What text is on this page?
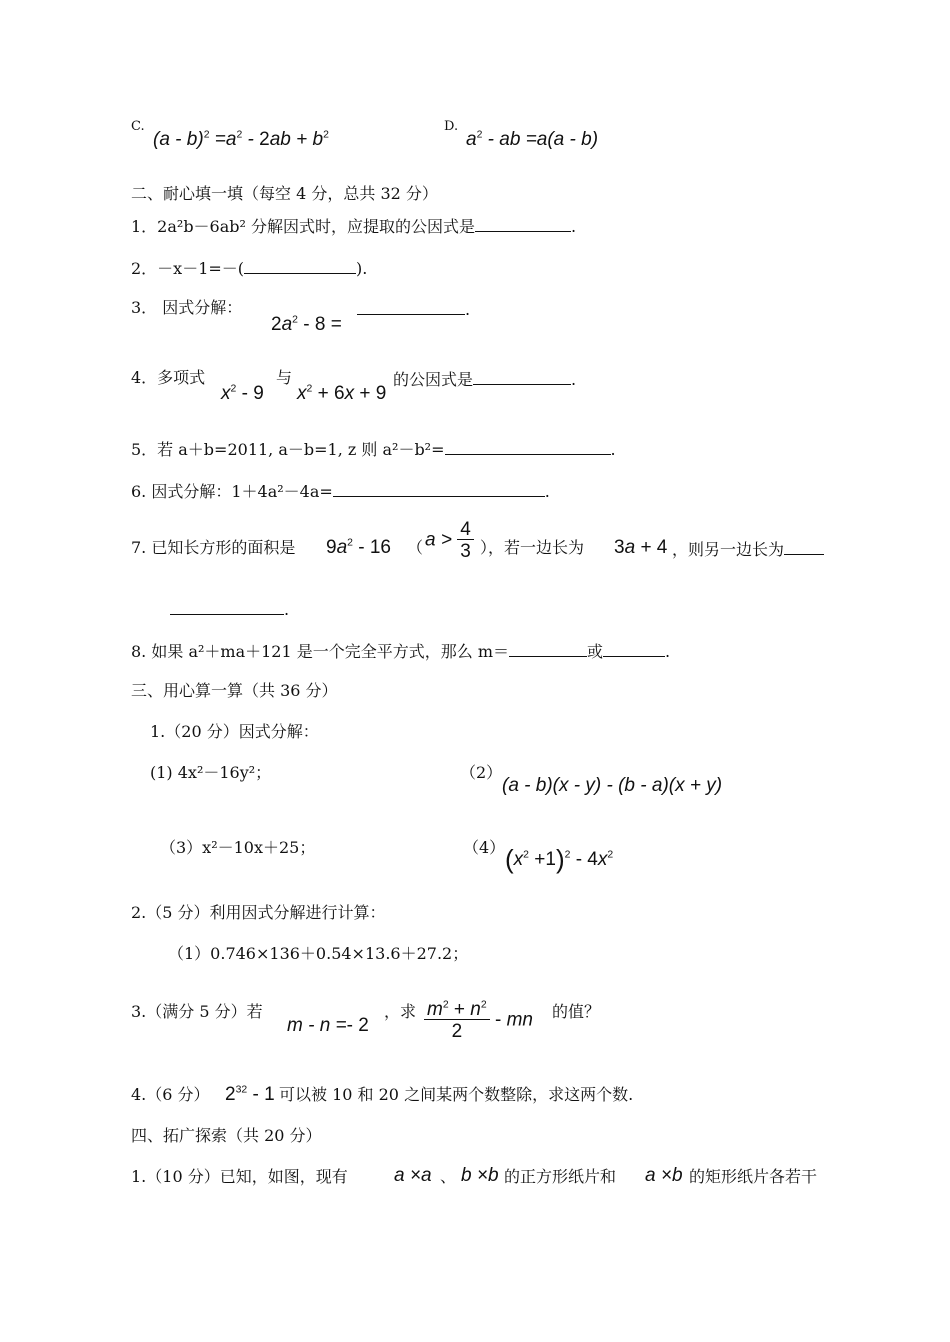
C.
$(a - b)^2 =a^2 - 2ab + b^2$
D.
$a^2$ - ab =a(a - b)
二、耐心填一填（每空 4 分，总共 32 分）
1．2a²b－6ab² 分解因式时，应提取的公因式是	.
2．－x－1=－(	).
3． 因式分解：
$2a^2 - 8$ =
.
4．多项式
$x^2 - 9$
与
$x^2 + 6x + 9$
的公因式是	.
5．若 a＋b=2011, a－b=1, z 则 a²－b²=	.
6. 因式分解：1＋4a²－4a=	.
7. 已知长方形的面积是 $9a^2 - 16$ （ $a > \frac{4}{3}$ ），若一边长为 3a + 4 ，则另一边长为
.
8. 如果 a²＋ma＋121 是一个完全平方式，那么 m＝	或	.
三、用心算一算（共 36 分）
1.（20 分）因式分解：
(1) 4x²－16y²；	（2）
(a - b)(x - y) - (b - a)(x + y)
（3）x²－10x＋25；	（4） $(x^2 +1)^2 - 4x^2$
2.（5 分）利用因式分解进行计算：
（1）0.746×136＋0.54×13.6＋27.2；
3.（满分 5 分）若
m - n =- 2
，求 $\frac{m^2 + n^2}{2}$ - mn 的值？
4.（6 分） $2^{32} - 1$ 可以被 10 和 20 之间某两个数整除，求这两个数.
四、拓广探索（共 20 分）
1.（10 分）已知，如图，现有 a ×a 、 b ×b 的正方形纸片和 a ×b 的矩形纸片各若干
